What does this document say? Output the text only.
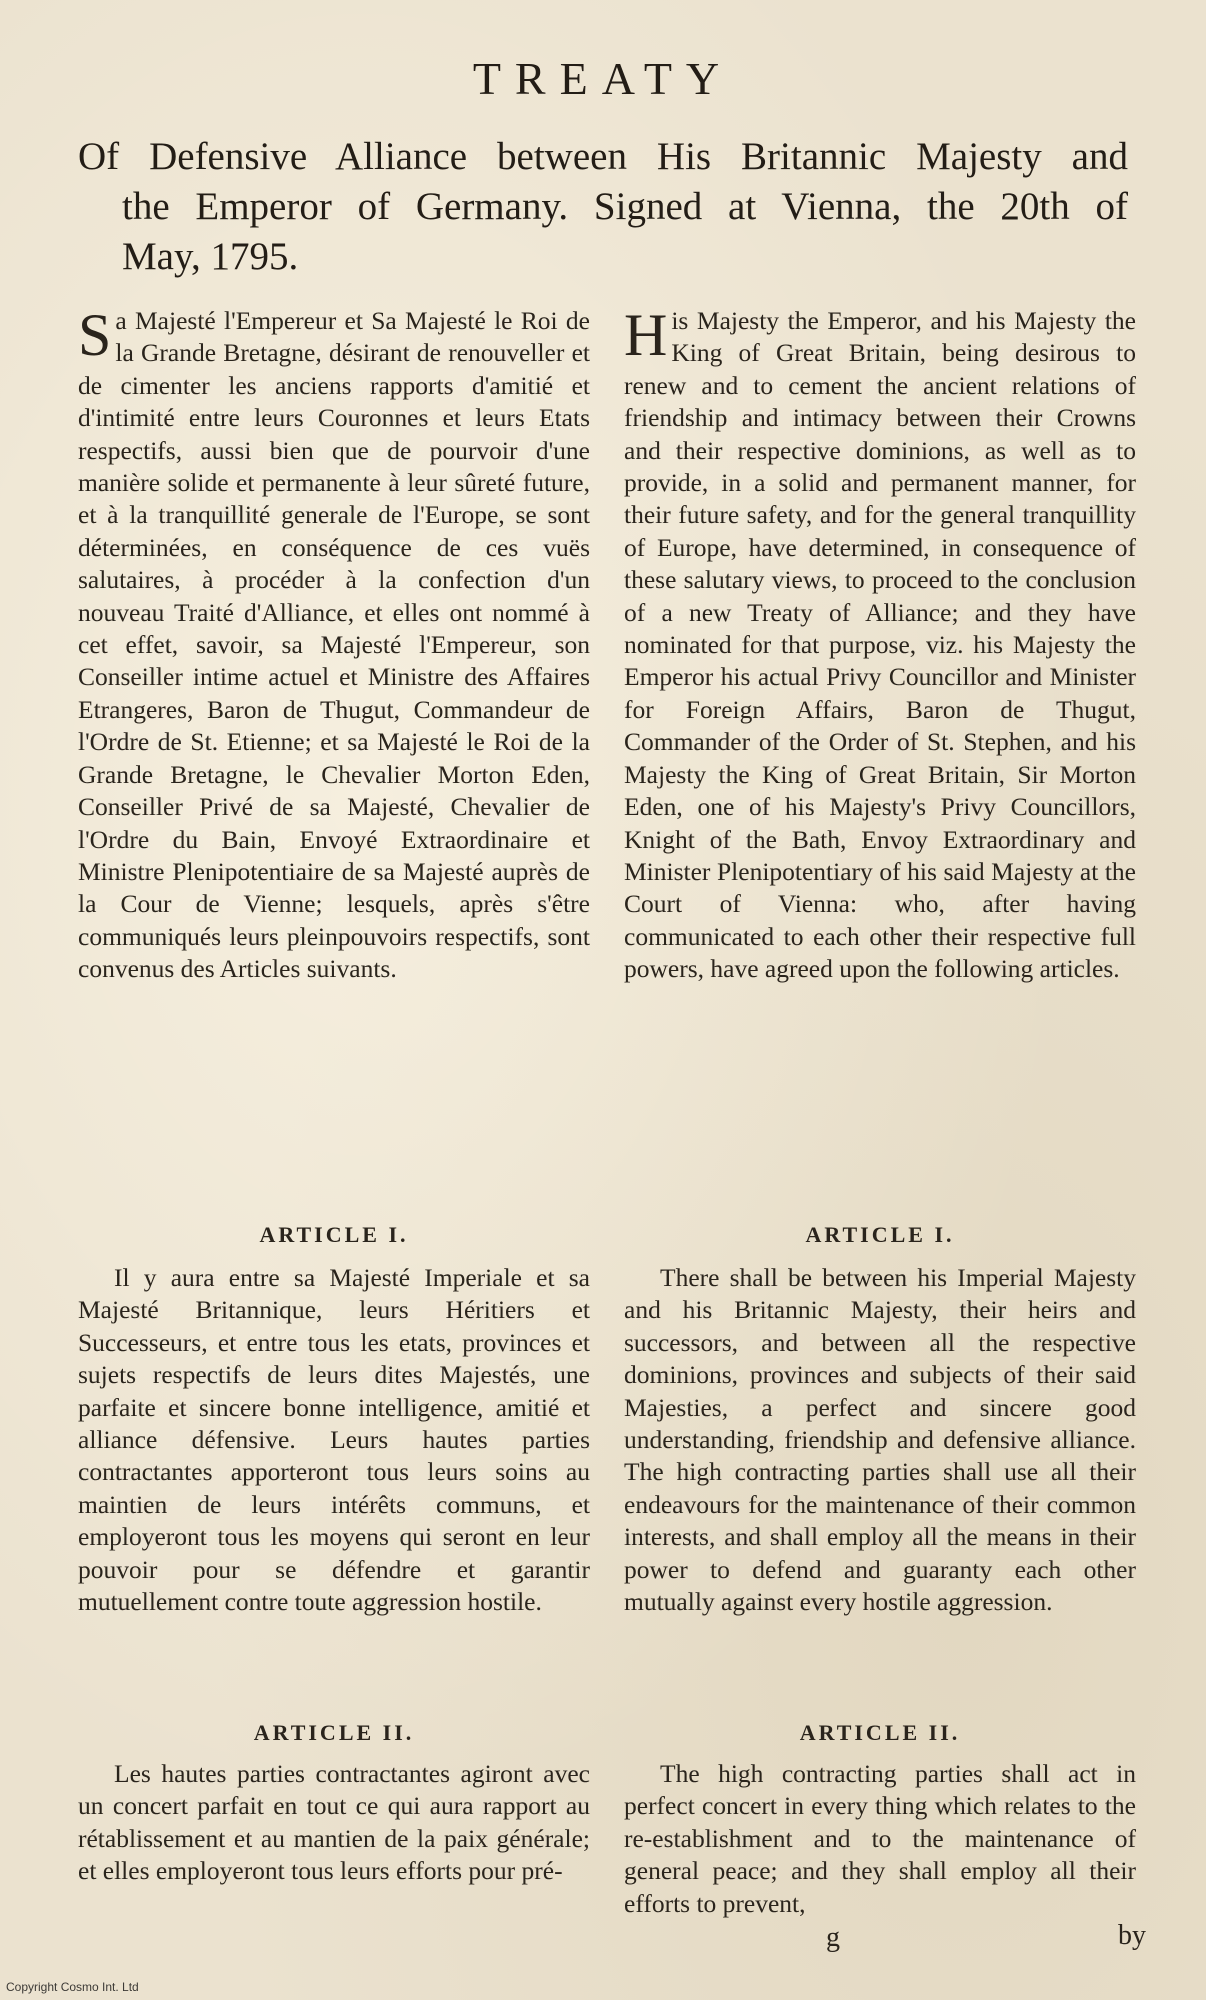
TREATY
Of Defensive Alliance between His Britannic Majesty and
the Emperor of Germany. Signed at Vienna, the 20th of
May, 1795.
Sa Majesté l'Empereur et Sa Majesté le Roi de la Grande Bretagne, désirant de renouveller et de cimenter les anciens rapports d'amitié et d'intimité entre leurs Couronnes et leurs Etats respectifs, aussi bien que de pourvoir d'une manière solide et permanente à leur sûreté future, et à la tranquillité generale de l'Europe, se sont déterminées, en conséquence de ces vuës salutaires, à procéder à la confection d'un nouveau Traité d'Alliance, et elles ont nommé à cet effet, savoir, sa Majesté l'Empereur, son Conseiller intime actuel et Ministre des Affaires Etrangeres, Baron de Thugut, Commandeur de l'Ordre de St. Etienne; et sa Majesté le Roi de la Grande Bretagne, le Chevalier Morton Eden, Conseiller Privé de sa Majesté, Chevalier de l'Ordre du Bain, Envoyé Extraordinaire et Ministre Plenipotentiaire de sa Majesté auprès de la Cour de Vienne; lesquels, après s'être communiqués leurs pleinpouvoirs respectifs, sont convenus des Articles suivants.
His Majesty the Emperor, and his Majesty the King of Great Britain, being desirous to renew and to cement the ancient relations of friendship and intimacy between their Crowns and their respective dominions, as well as to provide, in a solid and permanent manner, for their future safety, and for the general tranquillity of Europe, have determined, in consequence of these salutary views, to proceed to the conclusion of a new Treaty of Alliance; and they have nominated for that purpose, viz. his Majesty the Emperor his actual Privy Councillor and Minister for Foreign Affairs, Baron de Thugut, Commander of the Order of St. Stephen, and his Majesty the King of Great Britain, Sir Morton Eden, one of his Majesty's Privy Councillors, Knight of the Bath, Envoy Extraordinary and Minister Plenipotentiary of his said Majesty at the Court of Vienna: who, after having communicated to each other their respective full powers, have agreed upon the following articles.
ARTICLE I.	ARTICLE I.
Il y aura entre sa Majesté Imperiale et sa Majesté Britannique, leurs Héritiers et Successeurs, et entre tous les etats, provinces et sujets respectifs de leurs dites Majestés, une parfaite et sincere bonne intelligence, amitié et alliance défensive. Leurs hautes parties contractantes apporteront tous leurs soins au maintien de leurs intérêts communs, et employeront tous les moyens qui seront en leur pouvoir pour se défendre et garantir mutuellement contre toute aggression hostile.
There shall be between his Imperial Majesty and his Britannic Majesty, their heirs and successors, and between all the respective dominions, provinces and subjects of their said Majesties, a perfect and sincere good understanding, friendship and defensive alliance. The high contracting parties shall use all their endeavours for the maintenance of their common interests, and shall employ all the means in their power to defend and guaranty each other mutually against every hostile aggression.
ARTICLE II.	ARTICLE II.
Les hautes parties contractantes agiront avec un concert parfait en tout ce qui aura rapport au rétablissement et au mantien de la paix générale; et elles employeront tous leurs efforts pour pré-
The high contracting parties shall act in perfect concert in every thing which relates to the re-establishment and to the maintenance of general peace; and they shall employ all their efforts to prevent,
g	by
Copyright Cosmo Int. Ltd
